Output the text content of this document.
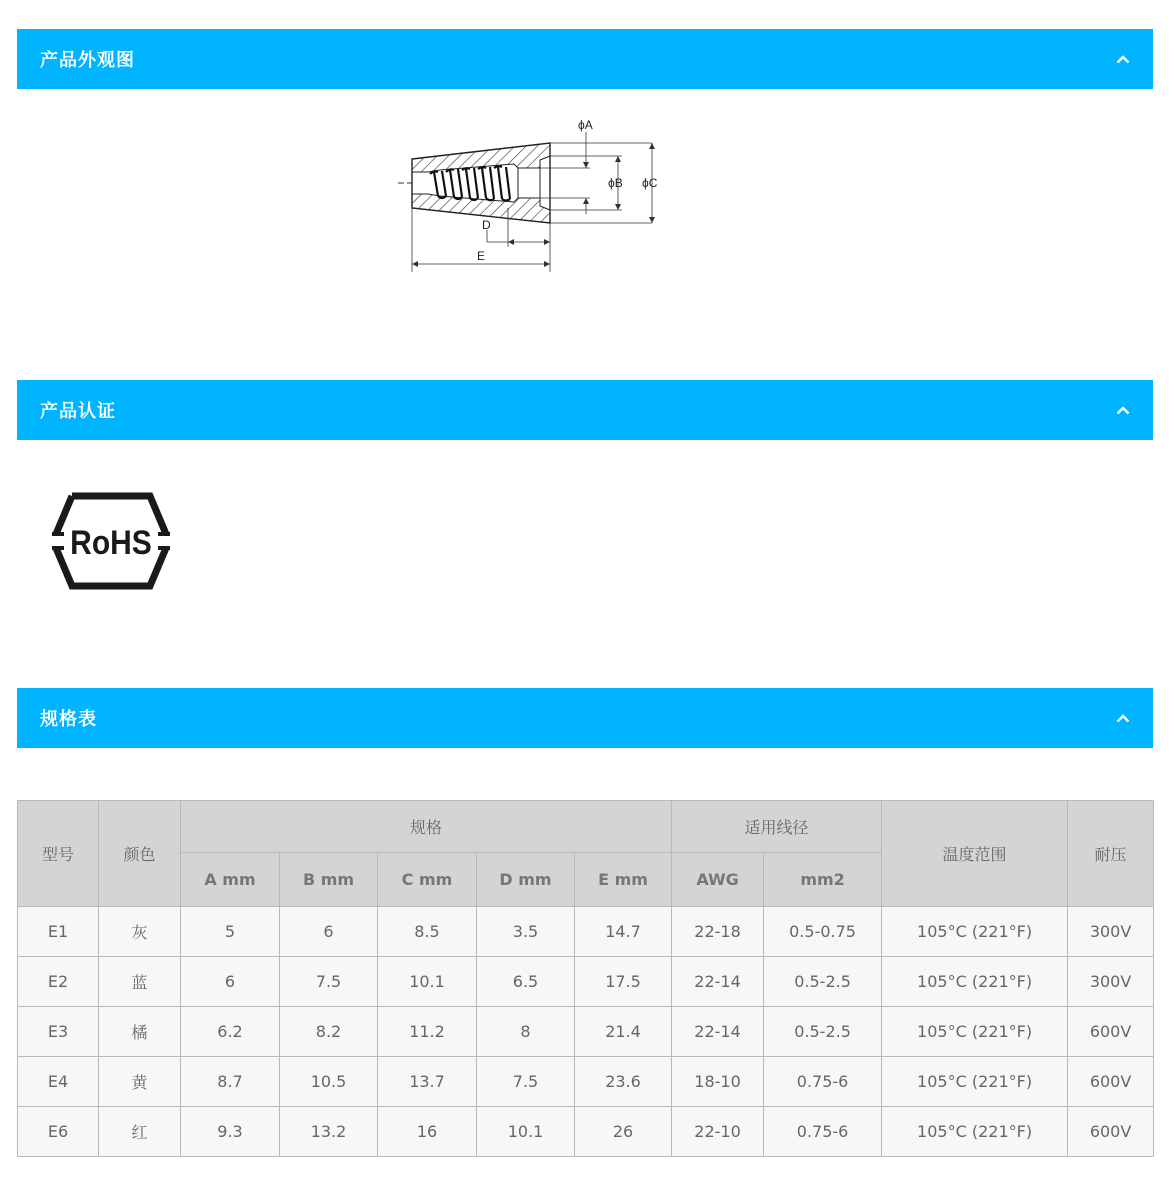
产品外观图
ϕA
ϕB ϕC
D
E
产品认证
RoHS
规格表
型号	颜色	规格					适用线径		温度范围	耐压
		A mm	B mm	C mm	D mm	E mm	AWG	mm2		
E1	灰	5	6	8.5	3.5	14.7	22-18	0.5-0.75	105°C (221°F)	300V
E2	蓝	6	7.5	10.1	6.5	17.5	22-14	0.5-2.5	105°C (221°F)	300V
E3	橘	6.2	8.2	11.2	8	21.4	22-14	0.5-2.5	105°C (221°F)	600V
E4	黄	8.7	10.5	13.7	7.5	23.6	18-10	0.75-6	105°C (221°F)	600V
E6	红	9.3	13.2	16	10.1	26	22-10	0.75-6	105°C (221°F)	600V
